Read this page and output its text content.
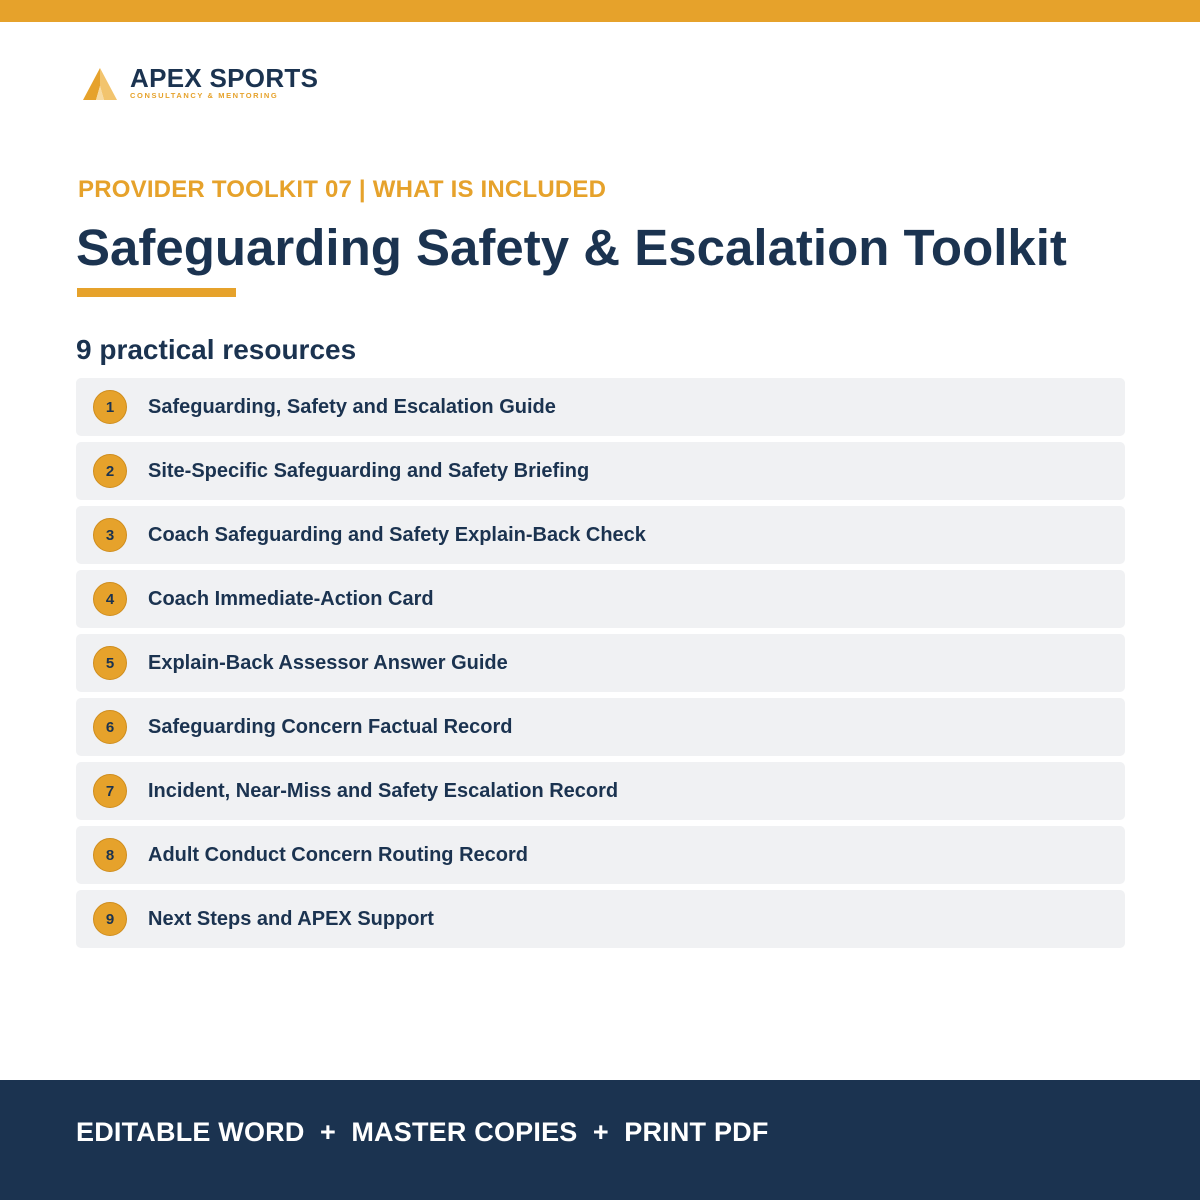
APEX SPORTS
CONSULTANCY & MENTORING
PROVIDER TOOLKIT 07 | WHAT IS INCLUDED
Safeguarding Safety & Escalation Toolkit
9 practical resources
1	Safeguarding, Safety and Escalation Guide
2	Site-Specific Safeguarding and Safety Briefing
3	Coach Safeguarding and Safety Explain-Back Check
4	Coach Immediate-Action Card
5	Explain-Back Assessor Answer Guide
6	Safeguarding Concern Factual Record
7	Incident, Near-Miss and Safety Escalation Record
8	Adult Conduct Concern Routing Record
9	Next Steps and APEX Support
EDITABLE WORD  +  MASTER COPIES  +  PRINT PDF
